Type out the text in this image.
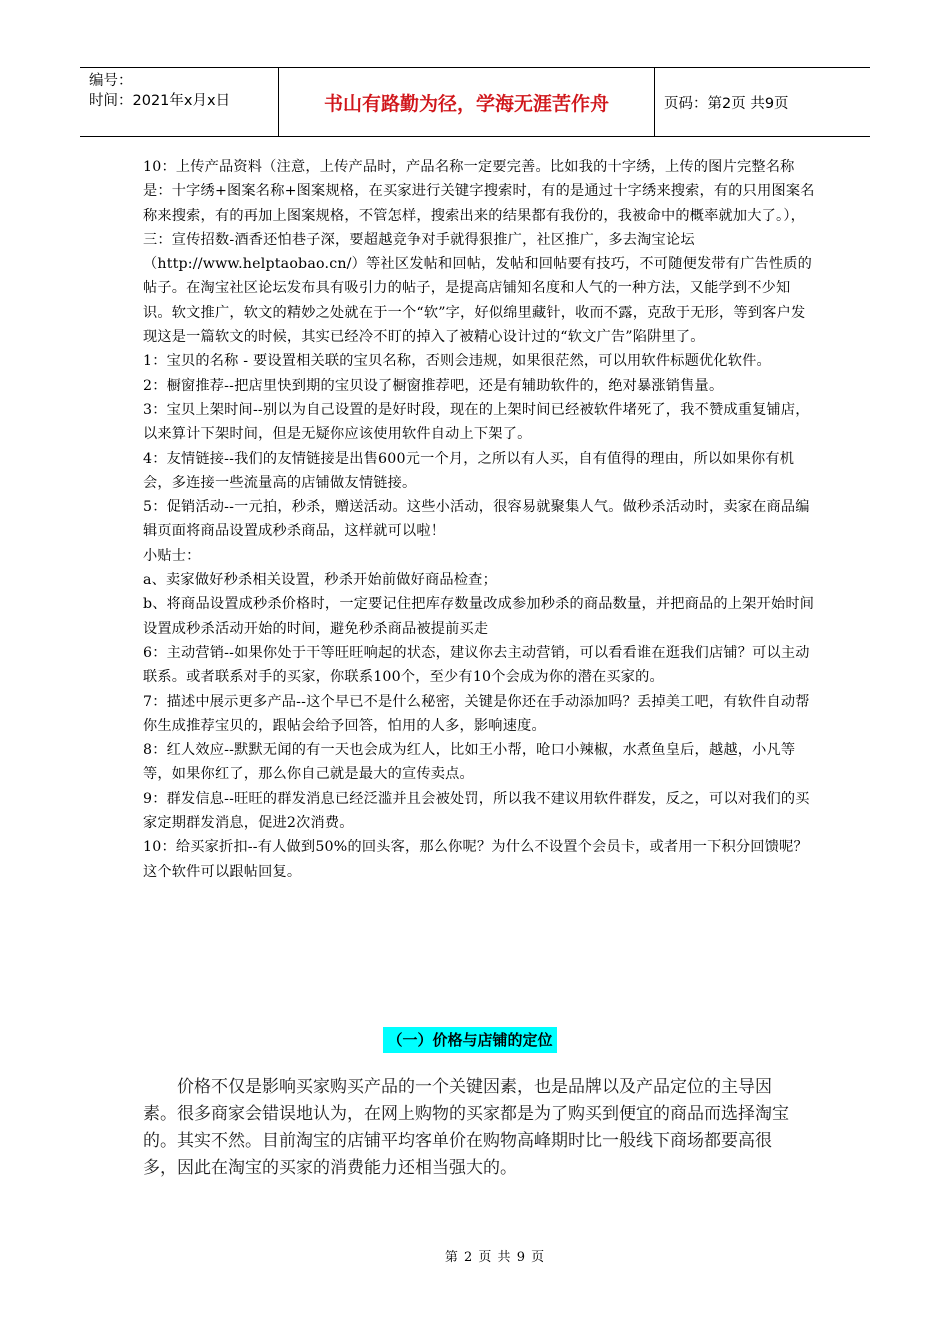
编号：
时间：2021年x月x日	书山有路勤为径，学海无涯苦作舟	页码：第2页 共9页

10：上传产品资料（注意，上传产品时，产品名称一定要完善。比如我的十字绣，上传的图片完整名称是：十字绣+图案名称+图案规格，在买家进行关键字搜索时，有的是通过十字绣来搜索，有的只用图案名称来搜索，有的再加上图案规格，不管怎样，搜索出来的结果都有我份的，我被命中的概率就加大了。），

三：宣传招数-酒香还怕巷子深，要超越竞争对手就得狠推广，社区推广，多去淘宝论坛（http://www.helptaobao.cn/）等社区发帖和回帖，发帖和回帖要有技巧，不可随便发带有广告性质的帖子。在淘宝社区论坛发布具有吸引力的帖子，是提高店铺知名度和人气的一种方法，又能学到不少知识。软文推广，软文的精妙之处就在于一个“软”字，好似绵里藏针，收而不露，克敌于无形，等到客户发现这是一篇软文的时候，其实已经冷不盯的掉入了被精心设计过的“软文广告”陷阱里了。

1：宝贝的名称 - 要设置相关联的宝贝名称，否则会违规，如果很茫然，可以用软件标题优化软件。

2：橱窗推荐--把店里快到期的宝贝设了橱窗推荐吧，还是有辅助软件的，绝对暴涨销售量。

3：宝贝上架时间--别以为自己设置的是好时段，现在的上架时间已经被软件堵死了，我不赞成重复铺店，以来算计下架时间，但是无疑你应该使用软件自动上下架了。

4：友情链接--我们的友情链接是出售600元一个月，之所以有人买，自有值得的理由，所以如果你有机会，多连接一些流量高的店铺做友情链接。

5：促销活动--一元拍，秒杀，赠送活动。这些小活动，很容易就聚集人气。做秒杀活动时，卖家在商品编辑页面将商品设置成秒杀商品，这样就可以啦！

小贴士：

a、卖家做好秒杀相关设置，秒杀开始前做好商品检查；

b、将商品设置成秒杀价格时，一定要记住把库存数量改成参加秒杀的商品数量，并把商品的上架开始时间设置成秒杀活动开始的时间，避免秒杀商品被提前买走

6：主动营销--如果你处于干等旺旺响起的状态，建议你去主动营销，可以看看谁在逛我们店铺？可以主动联系。或者联系对手的买家，你联系100个，至少有10个会成为你的潜在买家的。

7：描述中展示更多产品--这个早已不是什么秘密，关键是你还在手动添加吗？丢掉美工吧，有软件自动帮你生成推荐宝贝的，跟帖会给予回答，怕用的人多，影响速度。

8：红人效应--默默无闻的有一天也会成为红人，比如王小帮，呛口小辣椒，水煮鱼皇后，越越，小凡等等，如果你红了，那么你自己就是最大的宣传卖点。

9：群发信息--旺旺的群发消息已经泛滥并且会被处罚，所以我不建议用软件群发，反之，可以对我们的买家定期群发消息，促进2次消费。

10：给买家折扣--有人做到50%的回头客，那么你呢？为什么不设置个会员卡，或者用一下积分回馈呢？这个软件可以跟帖回复。

（一）价格与店铺的定位

价格不仅是影响买家购买产品的一个关键因素，也是品牌以及产品定位的主导因素。很多商家会错误地认为，在网上购物的买家都是为了购买到便宜的商品而选择淘宝的。其实不然。目前淘宝的店铺平均客单价在购物高峰期时比一般线下商场都要高很多，因此在淘宝的买家的消费能力还相当强大的。

第 2 页 共 9 页
